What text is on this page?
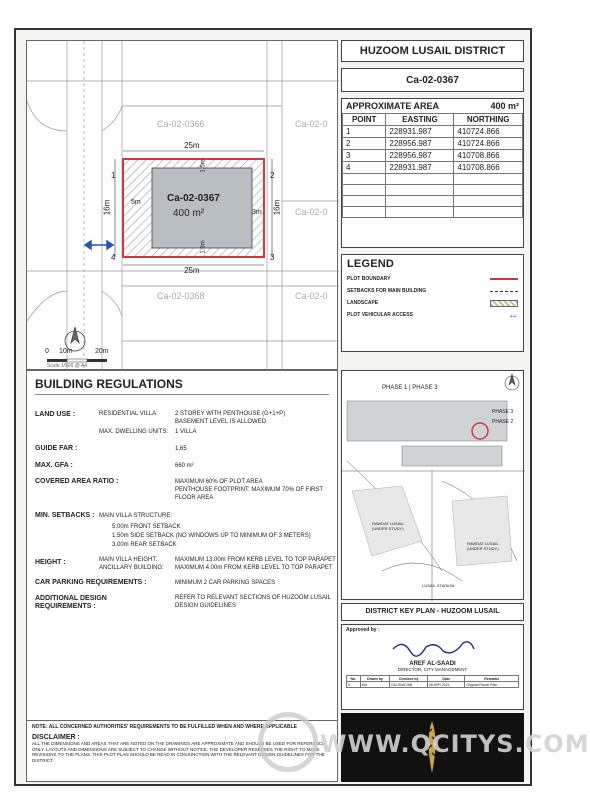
Ca-02-0366	Ca-02-0
Ca-02-0
Ca-02-0368	Ca-02-0
Ca-02-0367
400 m²
25m
25m
16m	16m
5m
1.5m
1.5m
3m
1	2
3
4
0 10m	20m
Scale 1/500 @ A4
HUZOOM LUSAIL DISTRICT
Ca-02-0367
APPROXIMATE AREA	400 m²
POINT	EASTING	NORTHING
1	228931.987	410724.866
2	228956.987	410724.866
3	228956.987	410708.866
4	228931.987	410708.866

LEGEND
PLOT BOUNDARY
SETBACKS FOR MAIN BUILDING
LANDSCAPE
PLOT VEHICULAR ACCESS	↔
BUILDING REGULATIONS
LAND USE :	RESIDENTIAL VILLA:	2 STOREY WITH PENTHOUSE (G+1+P)
BASEMENT LEVEL IS ALLOWED
MAX. DWELLING UNITS: 1 VILLA
GUIDE FAR :	1.65
MAX. GFA :	660 m²
COVERED AREA RATIO :	MAXIMUM 60% OF PLOT AREA
PENTHOUSE FOOTPRINT: MAXIMUM 70% OF FIRST
FLOOR AREA
MIN. SETBACKS : MAIN VILLA STRUCTURE:
5.00m FRONT SETBACK
1.50m SIDE SETBACK (NO WINDOWS UP TO MINIMUM OF 3 METERS)
3.00m REAR SETBACK
HEIGHT :	MAIN VILLA HEIGHT:	MAXIMUM 13.00m FROM KERB LEVEL TO TOP PARAPET
ANCILLARY BUILDING: MAXIMUM 4.00m FROM KERB LEVEL TO TOP PARAPET
CAR PARKING REQUIREMENTS :	MINIMUM 2 CAR PARKING SPACES
ADDITIONAL DESIGN
REQUIREMENTS :
REFER TO RELEVANT SECTIONS OF HUZOOM LUSAIL
DESIGN GUIDELINES
NOTE: ALL CONCERNED AUTHORITIES' REQUIREMENTS TO BE FULFILLED WHEN AND WHERE APPLICABLE
DISCLAIMER :
ALL THE DIMENSIONS AND AREAS THAT ARE NOTED ON THE DRAWINGS ARE APPROXIMATE AND SHOULD BE USED FOR REFERENCE ONLY. LAYOUTS AND DIMENSIONS ARE SUBJECT TO CHANGE WITHOUT NOTICE. THE DEVELOPER RESERVES THE RIGHT TO MAKE REVISIONS TO THE PLANS. THIS PLOT PLAN SHOULD BE READ IN CONJUNCTION WITH THE RELEVANT DESIGN GUIDELINES FOR THE DISTRICT.
PHASE 1 | PHASE 3
PHASE 3
PHASE 2
RAWDAT LUSAIL (UNDER STUDY)
RAWDAT LUSAIL (UNDER STUDY)
LUSAIL STADIUM
DISTRICT KEY PLAN - HUZOOM LUSAIL
Approved by :
AREF AL-SAADI
DIRECTOR, CITY MANAGEMENT
No.	Drawn by	Checked by	Date	Remarks
0	MA	EA/JS/AF/AB	28 APR 2021	Original Parcel Plan
WWW.QCITYS.COM
